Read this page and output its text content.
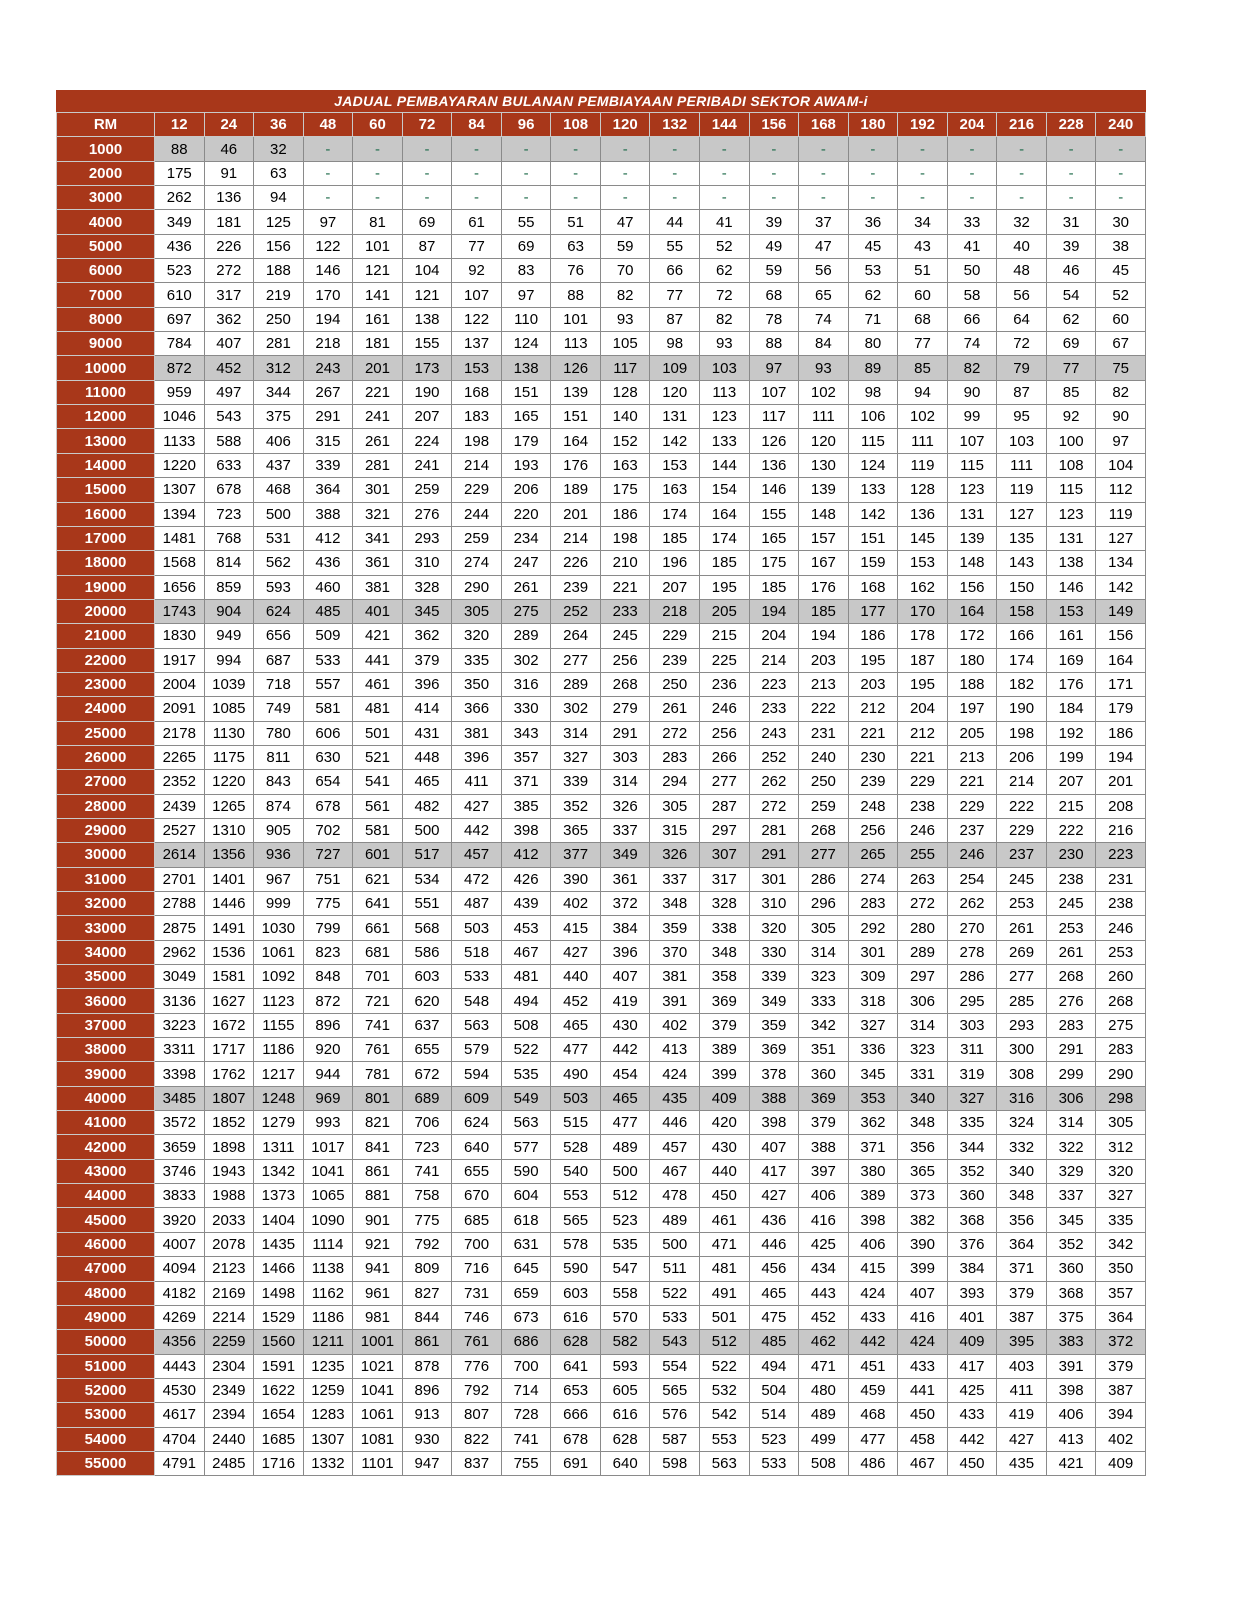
JADUAL PEMBAYARAN BULANAN PEMBIAYAAN PERIBADI SEKTOR AWAM-i
RM	12	24	36	48	60	72	84	96	108	120	132	144	156	168	180	192	204	216	228	240
1000	88	46	32	-	-	-	-	-	-	-	-	-	-	-	-	-	-	-	-	-
2000	175	91	63	-	-	-	-	-	-	-	-	-	-	-	-	-	-	-	-	-
3000	262	136	94	-	-	-	-	-	-	-	-	-	-	-	-	-	-	-	-	-
4000	349	181	125	97	81	69	61	55	51	47	44	41	39	37	36	34	33	32	31	30
5000	436	226	156	122	101	87	77	69	63	59	55	52	49	47	45	43	41	40	39	38
6000	523	272	188	146	121	104	92	83	76	70	66	62	59	56	53	51	50	48	46	45
7000	610	317	219	170	141	121	107	97	88	82	77	72	68	65	62	60	58	56	54	52
8000	697	362	250	194	161	138	122	110	101	93	87	82	78	74	71	68	66	64	62	60
9000	784	407	281	218	181	155	137	124	113	105	98	93	88	84	80	77	74	72	69	67
10000	872	452	312	243	201	173	153	138	126	117	109	103	97	93	89	85	82	79	77	75
11000	959	497	344	267	221	190	168	151	139	128	120	113	107	102	98	94	90	87	85	82
12000	1046	543	375	291	241	207	183	165	151	140	131	123	117	111	106	102	99	95	92	90
13000	1133	588	406	315	261	224	198	179	164	152	142	133	126	120	115	111	107	103	100	97
14000	1220	633	437	339	281	241	214	193	176	163	153	144	136	130	124	119	115	111	108	104
15000	1307	678	468	364	301	259	229	206	189	175	163	154	146	139	133	128	123	119	115	112
16000	1394	723	500	388	321	276	244	220	201	186	174	164	155	148	142	136	131	127	123	119
17000	1481	768	531	412	341	293	259	234	214	198	185	174	165	157	151	145	139	135	131	127
18000	1568	814	562	436	361	310	274	247	226	210	196	185	175	167	159	153	148	143	138	134
19000	1656	859	593	460	381	328	290	261	239	221	207	195	185	176	168	162	156	150	146	142
20000	1743	904	624	485	401	345	305	275	252	233	218	205	194	185	177	170	164	158	153	149
21000	1830	949	656	509	421	362	320	289	264	245	229	215	204	194	186	178	172	166	161	156
22000	1917	994	687	533	441	379	335	302	277	256	239	225	214	203	195	187	180	174	169	164
23000	2004	1039	718	557	461	396	350	316	289	268	250	236	223	213	203	195	188	182	176	171
24000	2091	1085	749	581	481	414	366	330	302	279	261	246	233	222	212	204	197	190	184	179
25000	2178	1130	780	606	501	431	381	343	314	291	272	256	243	231	221	212	205	198	192	186
26000	2265	1175	811	630	521	448	396	357	327	303	283	266	252	240	230	221	213	206	199	194
27000	2352	1220	843	654	541	465	411	371	339	314	294	277	262	250	239	229	221	214	207	201
28000	2439	1265	874	678	561	482	427	385	352	326	305	287	272	259	248	238	229	222	215	208
29000	2527	1310	905	702	581	500	442	398	365	337	315	297	281	268	256	246	237	229	222	216
30000	2614	1356	936	727	601	517	457	412	377	349	326	307	291	277	265	255	246	237	230	223
31000	2701	1401	967	751	621	534	472	426	390	361	337	317	301	286	274	263	254	245	238	231
32000	2788	1446	999	775	641	551	487	439	402	372	348	328	310	296	283	272	262	253	245	238
33000	2875	1491	1030	799	661	568	503	453	415	384	359	338	320	305	292	280	270	261	253	246
34000	2962	1536	1061	823	681	586	518	467	427	396	370	348	330	314	301	289	278	269	261	253
35000	3049	1581	1092	848	701	603	533	481	440	407	381	358	339	323	309	297	286	277	268	260
36000	3136	1627	1123	872	721	620	548	494	452	419	391	369	349	333	318	306	295	285	276	268
37000	3223	1672	1155	896	741	637	563	508	465	430	402	379	359	342	327	314	303	293	283	275
38000	3311	1717	1186	920	761	655	579	522	477	442	413	389	369	351	336	323	311	300	291	283
39000	3398	1762	1217	944	781	672	594	535	490	454	424	399	378	360	345	331	319	308	299	290
40000	3485	1807	1248	969	801	689	609	549	503	465	435	409	388	369	353	340	327	316	306	298
41000	3572	1852	1279	993	821	706	624	563	515	477	446	420	398	379	362	348	335	324	314	305
42000	3659	1898	1311	1017	841	723	640	577	528	489	457	430	407	388	371	356	344	332	322	312
43000	3746	1943	1342	1041	861	741	655	590	540	500	467	440	417	397	380	365	352	340	329	320
44000	3833	1988	1373	1065	881	758	670	604	553	512	478	450	427	406	389	373	360	348	337	327
45000	3920	2033	1404	1090	901	775	685	618	565	523	489	461	436	416	398	382	368	356	345	335
46000	4007	2078	1435	1114	921	792	700	631	578	535	500	471	446	425	406	390	376	364	352	342
47000	4094	2123	1466	1138	941	809	716	645	590	547	511	481	456	434	415	399	384	371	360	350
48000	4182	2169	1498	1162	961	827	731	659	603	558	522	491	465	443	424	407	393	379	368	357
49000	4269	2214	1529	1186	981	844	746	673	616	570	533	501	475	452	433	416	401	387	375	364
50000	4356	2259	1560	1211	1001	861	761	686	628	582	543	512	485	462	442	424	409	395	383	372
51000	4443	2304	1591	1235	1021	878	776	700	641	593	554	522	494	471	451	433	417	403	391	379
52000	4530	2349	1622	1259	1041	896	792	714	653	605	565	532	504	480	459	441	425	411	398	387
53000	4617	2394	1654	1283	1061	913	807	728	666	616	576	542	514	489	468	450	433	419	406	394
54000	4704	2440	1685	1307	1081	930	822	741	678	628	587	553	523	499	477	458	442	427	413	402
55000	4791	2485	1716	1332	1101	947	837	755	691	640	598	563	533	508	486	467	450	435	421	409
